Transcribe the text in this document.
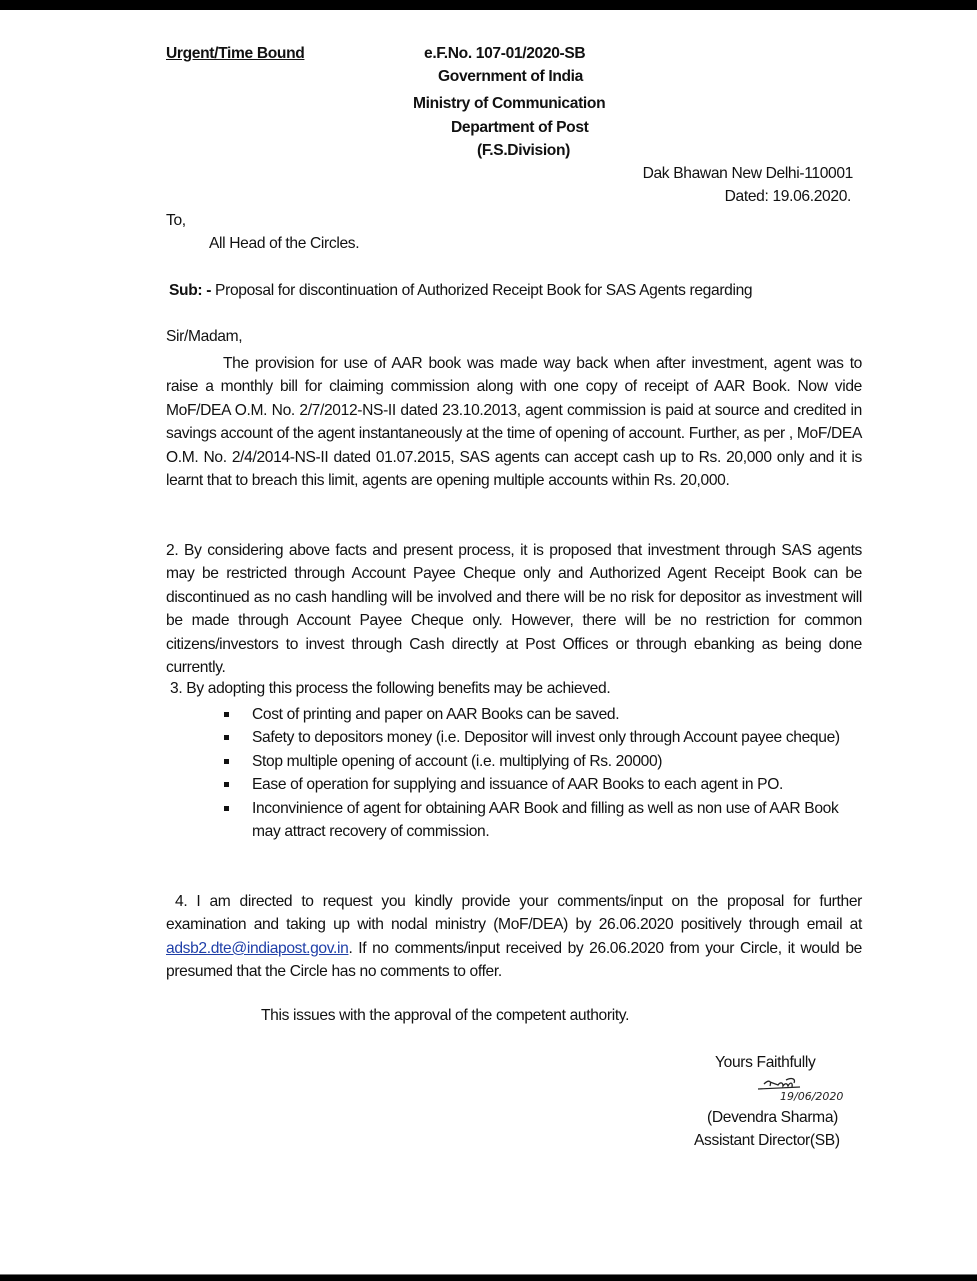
Urgent/Time Bound	e.F.No. 107-01/2020-SB
Government of India
Ministry of Communication
Department of Post
(F.S.Division)
Dak Bhawan New Delhi-110001
Dated: 19.06.2020.
To,
All Head of the Circles.
Sub: - Proposal for discontinuation of Authorized Receipt Book for SAS Agents regarding
Sir/Madam,
The provision for use of AAR book was made way back when after investment, agent was to raise a monthly bill for claiming commission along with one copy of receipt of AAR Book. Now vide MoF/DEA O.M. No. 2/7/2012-NS-II dated 23.10.2013, agent commission is paid at source and credited in savings account of the agent instantaneously at the time of opening of account. Further, as per , MoF/DEA O.M. No. 2/4/2014-NS-II dated 01.07.2015, SAS agents can accept cash up to Rs. 20,000 only and it is learnt that to breach this limit, agents are opening multiple accounts within Rs. 20,000.
2. By considering above facts and present process, it is proposed that investment through SAS agents may be restricted through Account Payee Cheque only and Authorized Agent Receipt Book can be discontinued as no cash handling will be involved and there will be no risk for depositor as investment will be made through Account Payee Cheque only. However, there will be no restriction for common citizens/investors to invest through Cash directly at Post Offices or through ebanking as being done currently.
3. By adopting this process the following benefits may be achieved.
Cost of printing and paper on AAR Books can be saved.
Safety to depositors money (i.e. Depositor will invest only through Account payee cheque)
Stop multiple opening of account (i.e. multiplying of Rs. 20000)
Ease of operation for supplying and issuance of AAR Books to each agent in PO.
Inconvinience of agent for obtaining AAR Book and filling as well as non use of AAR Book may attract recovery of commission.
4. I am directed to request you kindly provide your comments/input on the proposal for further examination and taking up with nodal ministry (MoF/DEA) by 26.06.2020 positively through email at adsb2.dte@indiapost.gov.in. If no comments/input received by 26.06.2020 from your Circle, it would be presumed that the Circle has no comments to offer.
This issues with the approval of the competent authority.
Yours Faithfully
19/06/2020
(Devendra Sharma)
Assistant Director(SB)
